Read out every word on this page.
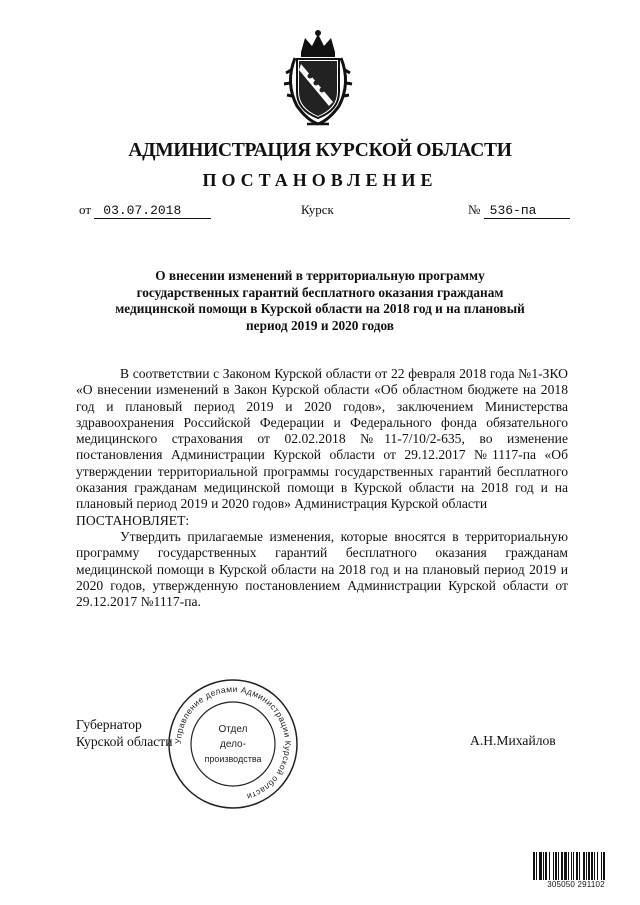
АДМИНИСТРАЦИЯ КУРСКОЙ ОБЛАСТИ
ПОСТАНОВЛЕНИЕ
от 03.07.2018	Курск	№ 536-па
О внесении изменений в территориальную программу
государственных гарантий бесплатного оказания гражданам
медицинской помощи в Курской области на 2018 год и на плановый
период 2019 и 2020 годов

В соответствии с Законом Курской области от 22 февраля 2018 года №1-ЗКО «О внесении изменений в Закон Курской области «Об областном бюджете на 2018 год и плановый период 2019 и 2020 годов», заключением Министерства здравоохранения Российской Федерации и Федерального фонда обязательного медицинского страхования от 02.02.2018 №11-7/10/2-635, во изменение постановления Администрации Курской области от 29.12.2017 №1117-па «Об утверждении территориальной программы государственных гарантий бесплатного оказания гражданам медицинской помощи в Курской области на 2018 год и на плановый период 2019 и 2020 годов» Администрация Курской области

ПОСТАНОВЛЯЕТ:

Утвердить прилагаемые изменения, которые вносятся в территориальную программу государственных гарантий бесплатного оказания гражданам медицинской помощи в Курской области на 2018 год и на плановый период 2019 и 2020 годов, утвержденную постановлением Администрации Курской области от 29.12.2017 №1117-па.

Губернатор
Курской области	А.Н.Михайлов
Управление делами Администрации Курской области
Отдел
дело-
производства
305050 291102
